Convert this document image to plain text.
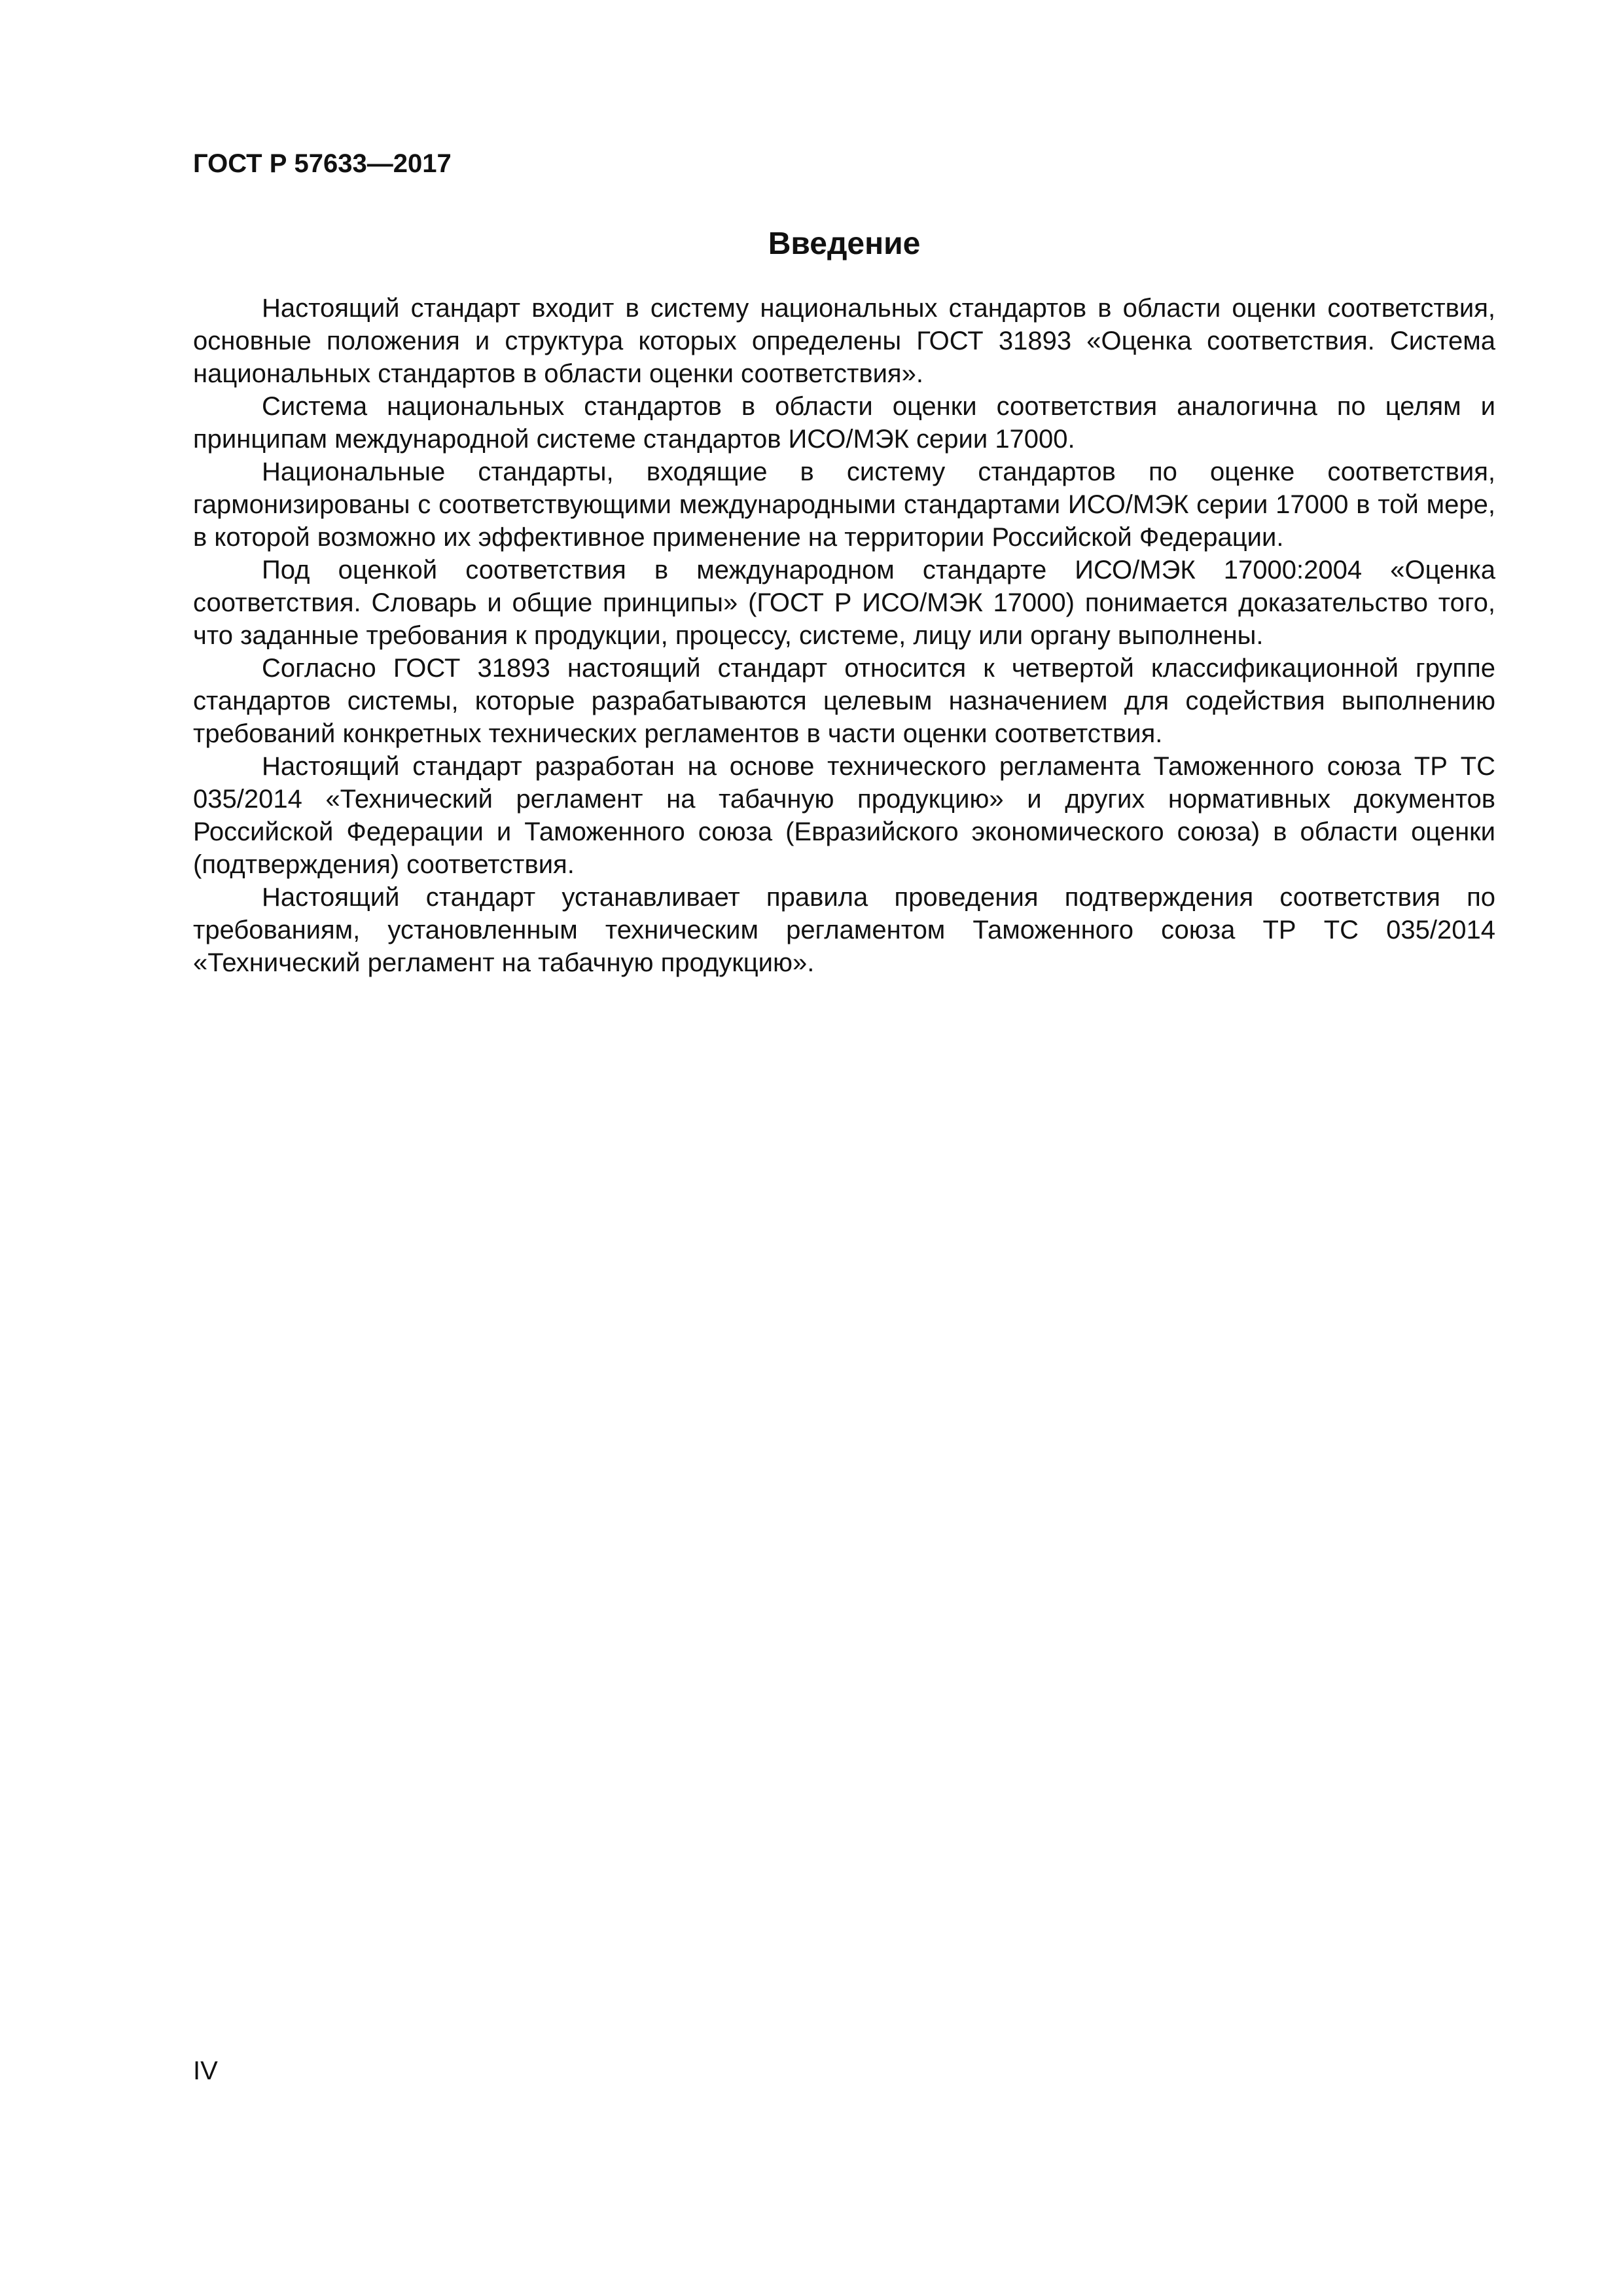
ГОСТ Р 57633—2017
Введение

Настоящий стандарт входит в систему национальных стандартов в области оценки соответствия, основные положения и структура которых определены ГОСТ 31893 «Оценка соответствия. Система национальных стандартов в области оценки соответствия».

Система национальных стандартов в области оценки соответствия аналогична по целям и принципам международной системе стандартов ИСО/МЭК серии 17000.

Национальные стандарты, входящие в систему стандартов по оценке соответствия, гармонизированы с соответствующими международными стандартами ИСО/МЭК серии 17000 в той мере, в которой возможно их эффективное применение на территории Российской Федерации.

Под оценкой соответствия в международном стандарте ИСО/МЭК 17000:2004 «Оценка соответствия. Словарь и общие принципы» (ГОСТ Р ИСО/МЭК 17000) понимается доказательство того, что заданные требования к продукции, процессу, системе, лицу или органу выполнены.

Согласно ГОСТ 31893 настоящий стандарт относится к четвертой классификационной группе стандартов системы, которые разрабатываются целевым назначением для содействия выполнению требований конкретных технических регламентов в части оценки соответствия.

Настоящий стандарт разработан на основе технического регламента Таможенного союза ТР ТС 035/2014 «Технический регламент на табачную продукцию» и других нормативных документов Российской Федерации и Таможенного союза (Евразийского экономического союза) в области оценки (подтверждения) соответствия.

Настоящий стандарт устанавливает правила проведения подтверждения соответствия по требованиям, установленным техническим регламентом Таможенного союза ТР ТС 035/2014 «Технический регламент на табачную продукцию».

IV
